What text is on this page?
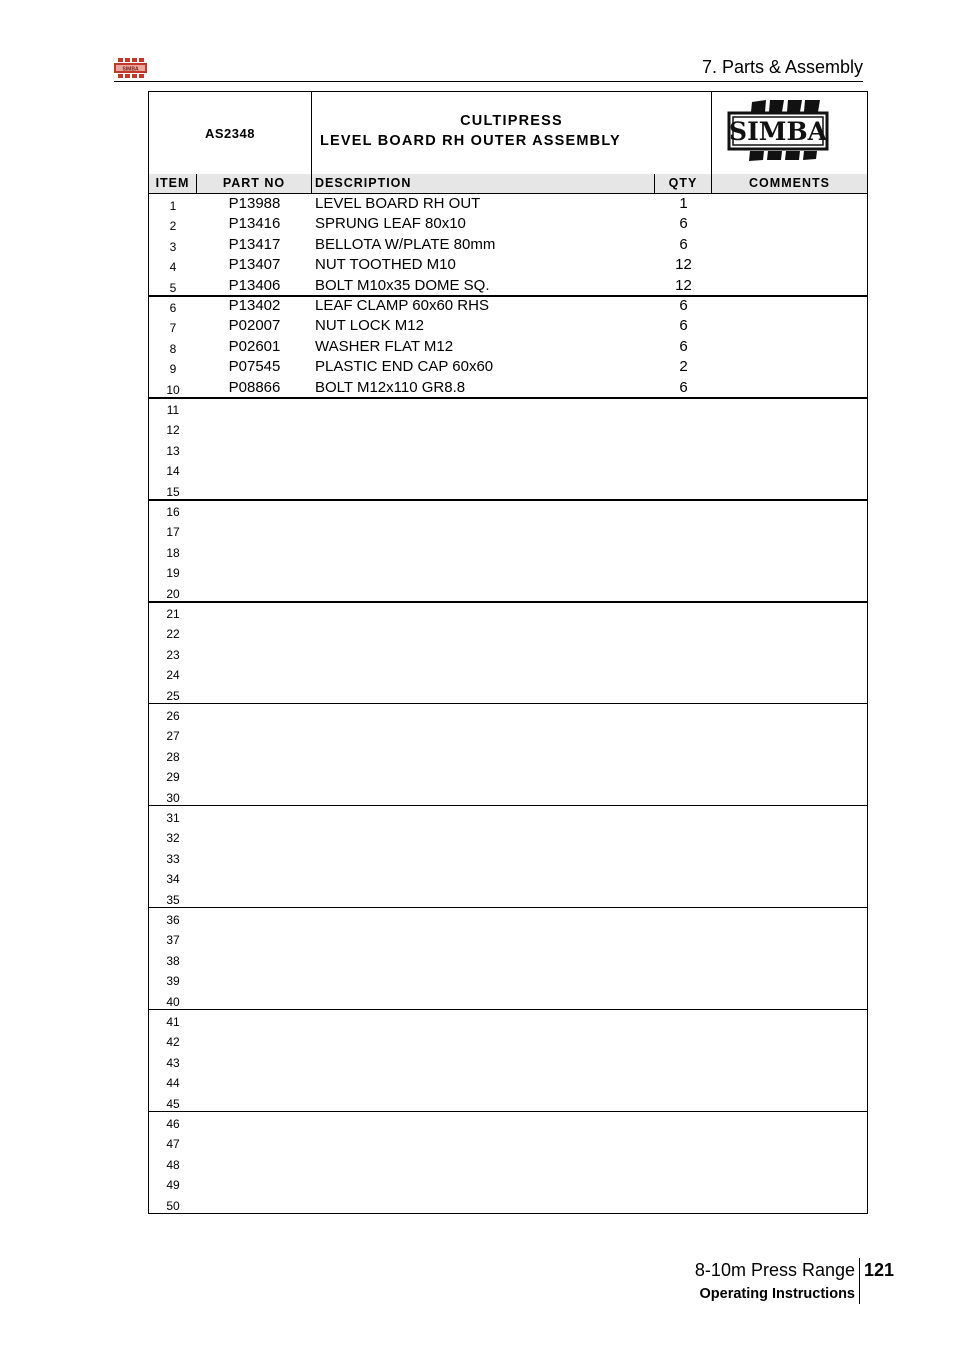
SIMBA	7. Parts & Assembly
AS2348
CULTIPRESS
LEVEL BOARD RH OUTER ASSEMBLY	SIMBA
ITEM	PART NO	DESCRIPTION	QTY	COMMENTS
1	P13988	LEVEL BOARD RH OUT	1
2	P13416	SPRUNG LEAF 80x10	6
3	P13417	BELLOTA W/PLATE 80mm	6
4	P13407	NUT TOOTHED M10	12
5	P13406	BOLT M10x35 DOME SQ.	12
6	P13402	LEAF CLAMP 60x60 RHS	6
7	P02007	NUT LOCK M12	6
8	P02601	WASHER FLAT M12	6
9	P07545	PLASTIC END CAP 60x60	2
10	P08866	BOLT M12x110 GR8.8	6
11
12
13
14
15
16
17
18
19
20
21
22
23
24
25
26
27
28
29
30
31
32
33
34
35
36
37
38
39
40
41
42
43
44
45
46
47
48
49
50
8-10m Press Range
Operating Instructions
121
